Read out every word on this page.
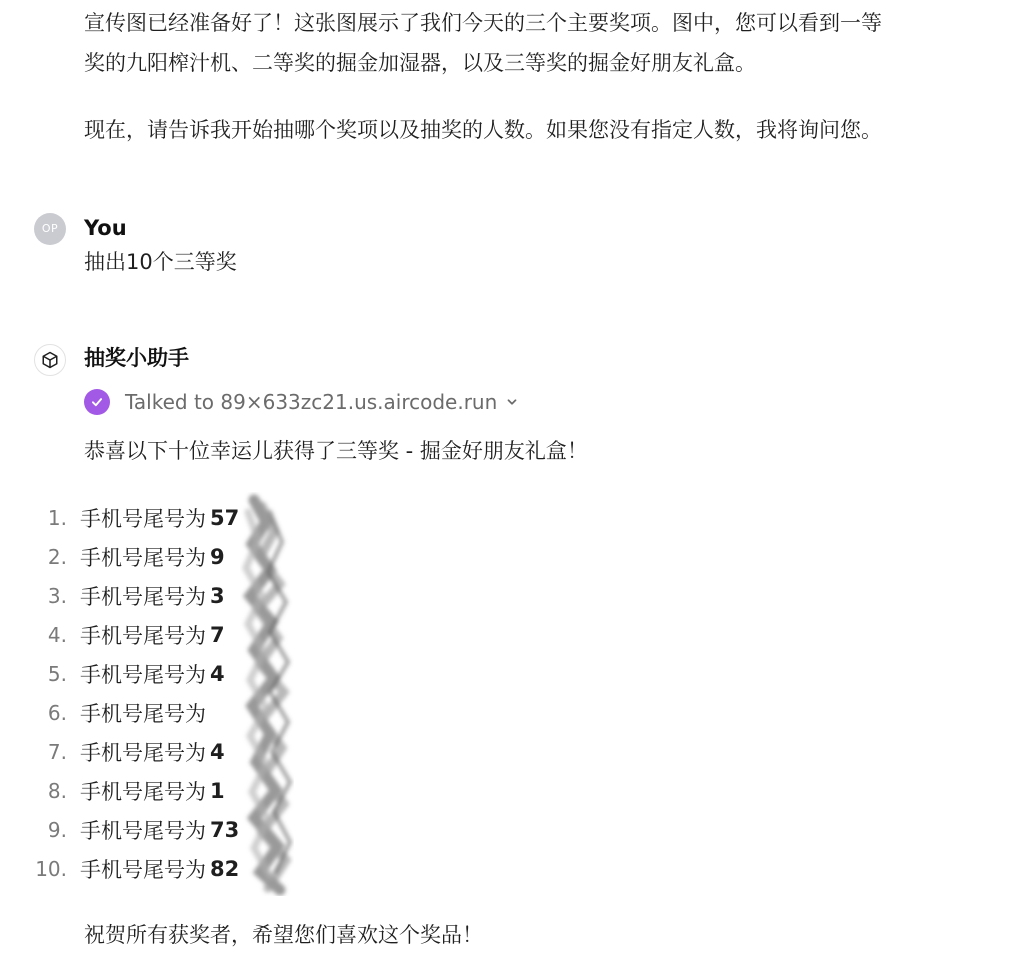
宣传图已经准备好了！这张图展示了我们今天的三个主要奖项。图中，您可以看到一等

奖的九阳榨汁机、二等奖的掘金加湿器，以及三等奖的掘金好朋友礼盒。

现在，请告诉我开始抽哪个奖项以及抽奖的人数。如果您没有指定人数，我将询问您。

OP	You

抽出10个三等奖

抽奖小助手
Talked to 89×633zc21.us.aircode.run

恭喜以下十位幸运儿获得了三等奖 - 掘金好朋友礼盒！

1. 手机号尾号为 57
2. 手机号尾号为 9
3. 手机号尾号为 3
4. 手机号尾号为 7
5. 手机号尾号为 4
6. 手机号尾号为
7. 手机号尾号为 4
8. 手机号尾号为 1
9. 手机号尾号为 73
10. 手机号尾号为 82

祝贺所有获奖者，希望您们喜欢这个奖品！
